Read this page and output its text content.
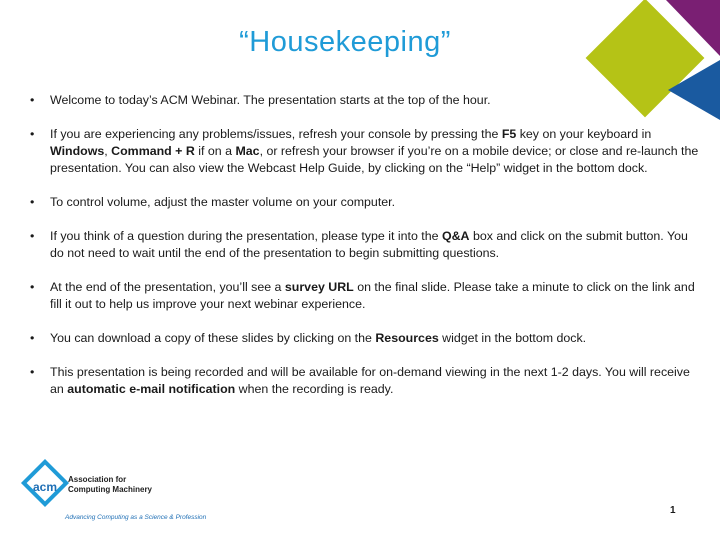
“Housekeeping”
• Welcome to today’s ACM Webinar. The presentation starts at the top of the hour.
• If you are experiencing any problems/issues, refresh your console by pressing the F5 key on your keyboard in Windows, Command + R if on a Mac, or refresh your browser if you’re on a mobile device; or close and re-launch the presentation. You can also view the Webcast Help Guide, by clicking on the “Help” widget in the bottom dock.
• To control volume, adjust the master volume on your computer.
• If you think of a question during the presentation, please type it into the Q&A box and click on the submit button. You do not need to wait until the end of the presentation to begin submitting questions.
• At the end of the presentation, you’ll see a survey URL on the final slide. Please take a minute to click on the link and fill it out to help us improve your next webinar experience.
• You can download a copy of these slides by clicking on the Resources widget in the bottom dock.
• This presentation is being recorded and will be available for on-demand viewing in the next 1-2 days. You will receive an automatic e-mail notification when the recording is ready.
acm
Association for
Computing Machinery
Advancing Computing as a Science & Profession
1
